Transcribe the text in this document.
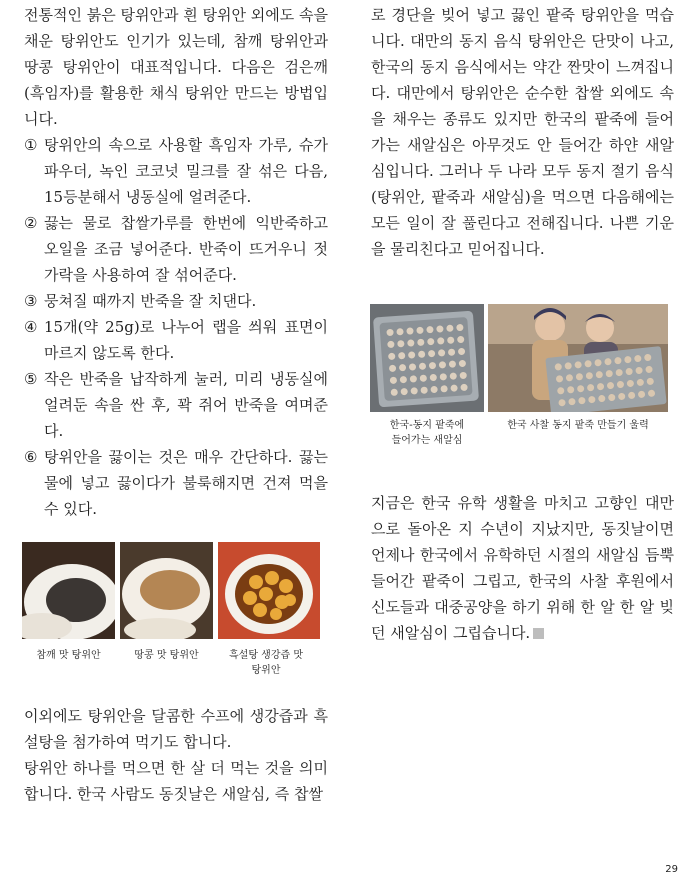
전통적인 붉은 탕위안과 흰 탕위안 외에도 속을 채운 탕위안도 인기가 있는데, 참깨 탕위안과 땅콩 탕위안이 대표적입니다. 다음은 검은깨(흑임자)를 활용한 채식 탕위안 만드는 방법입니다.

① 탕위안의 속으로 사용할 흑임자 가루, 슈가파우더, 녹인 코코넛 밀크를 잘 섞은 다음, 15등분해서 냉동실에 얼려준다.
② 끓는 물로 찹쌀가루를 한번에 익반죽하고 오일을 조금 넣어준다. 반죽이 뜨거우니 젓가락을 사용하여 잘 섞어준다.
③ 뭉쳐질 때까지 반죽을 잘 치댄다.
④ 15개(약 25g)로 나누어 랩을 씌워 표면이 마르지 않도록 한다.
⑤ 작은 반죽을 납작하게 눌러, 미리 냉동실에 얼려둔 속을 싼 후, 꽉 쥐어 반죽을 여며준다.
⑥ 탕위안을 끓이는 것은 매우 간단하다. 끓는 물에 넣고 끓이다가 불룩해지면 건져 먹을 수 있다.

이외에도 탕위안을 달콤한 수프에 생강즙과 흑설탕을 첨가하여 먹기도 합니다.
탕위안 하나를 먹으면 한 살 더 먹는 것을 의미합니다. 한국 사람도 동짓날은 새알심, 즉 찹쌀

참깨 맛 탕위안	땅콩 맛 탕위안	흑설탕 생강즙 맛
탕위안

로 경단을 빚어 넣고 끓인 팥죽 탕위안을 먹습니다. 대만의 동지 음식 탕위안은 단맛이 나고, 한국의 동지 음식에서는 약간 짠맛이 느껴집니다. 대만에서 탕위안은 순수한 찹쌀 외에도 속을 채우는 종류도 있지만 한국의 팥죽에 들어가는 새알심은 아무것도 안 들어간 하얀 새알심입니다. 그러나 두 나라 모두 동지 절기 음식(탕위안, 팥죽과 새알심)을 먹으면 다음해에는 모든 일이 잘 풀린다고 전해집니다. 나쁜 기운을 물리친다고 믿어집니다.

지금은 한국 유학 생활을 마치고 고향인 대만으로 돌아온 지 수년이 지났지만, 동짓날이면 언제나 한국에서 유학하던 시절의 새알심 듬뿍 들어간 팥죽이 그립고, 한국의 사찰 후원에서 신도들과 대중공양을 하기 위해 한 알 한 알 빚던 새알심이 그립습니다.

한국-동지 팥죽에
들어가는 새알심
한국 사찰 동지 팥죽 만들기 울력
29
